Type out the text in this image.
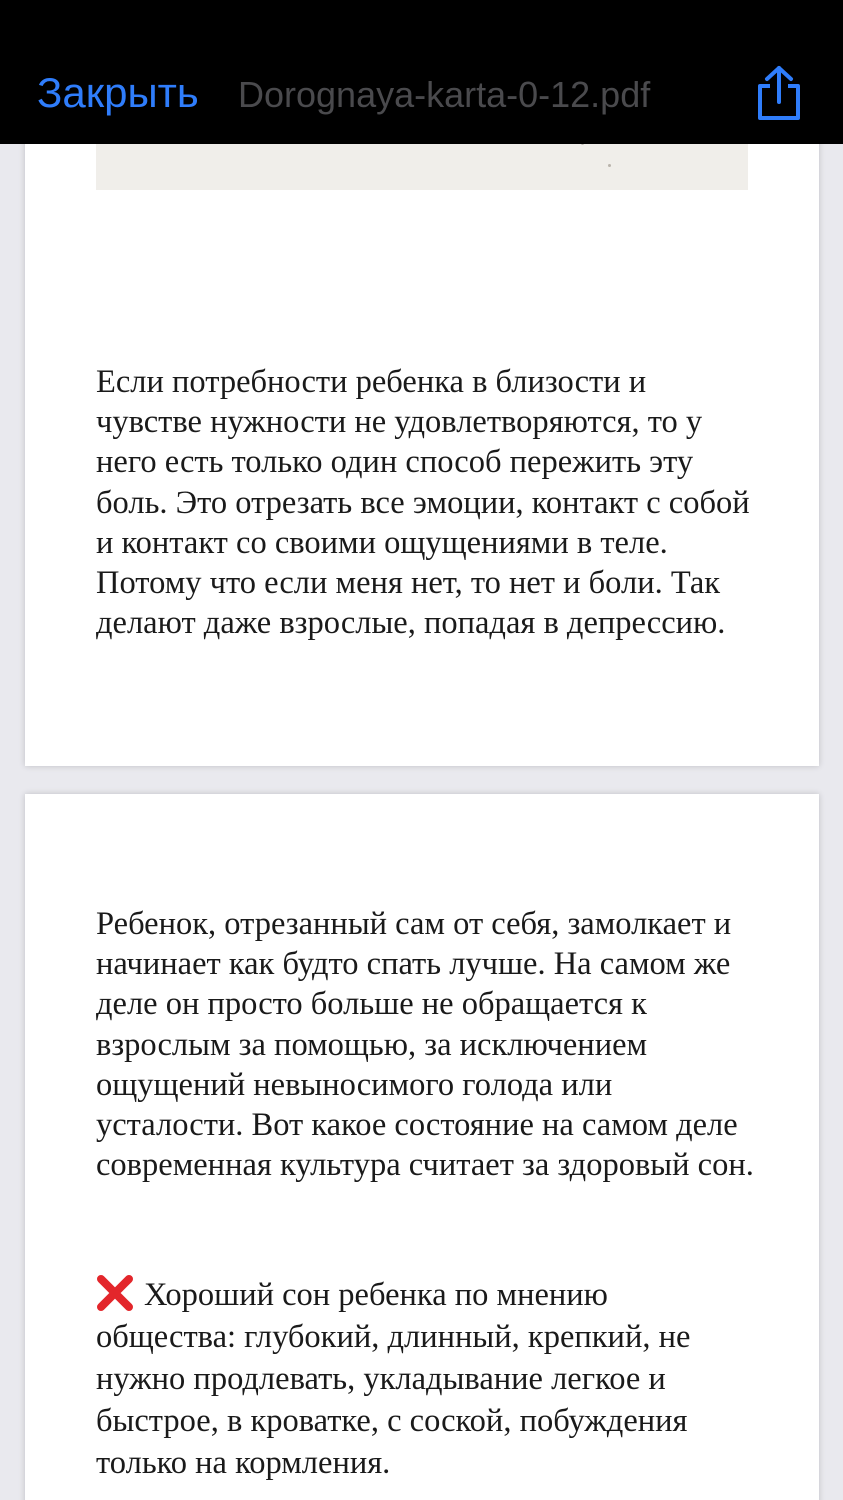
Закрыть Dorognaya-karta-0-12.pdf

Если потребности ребенка в близости и чувстве нужности не удовлетворяются, то у него есть только один способ пережить эту боль. Это отрезать все эмоции, контакт с собой и контакт со своими ощущениями в теле. Потому что если меня нет, то нет и боли. Так делают даже взрослые, попадая в депрессию.

Ребенок, отрезанный сам от себя, замолкает и начинает как будто спать лучше. На самом же деле он просто больше не обращается к взрослым за помощью, за исключением ощущений невыносимого голода или усталости. Вот какое состояние на самом деле современная культура считает за здоровый сон.

Хороший сон ребенка по мнению общества: глубокий, длинный, крепкий, не нужно продлевать, укладывание легкое и быстрое, в кроватке, с соской, побуждения только на кормления.
